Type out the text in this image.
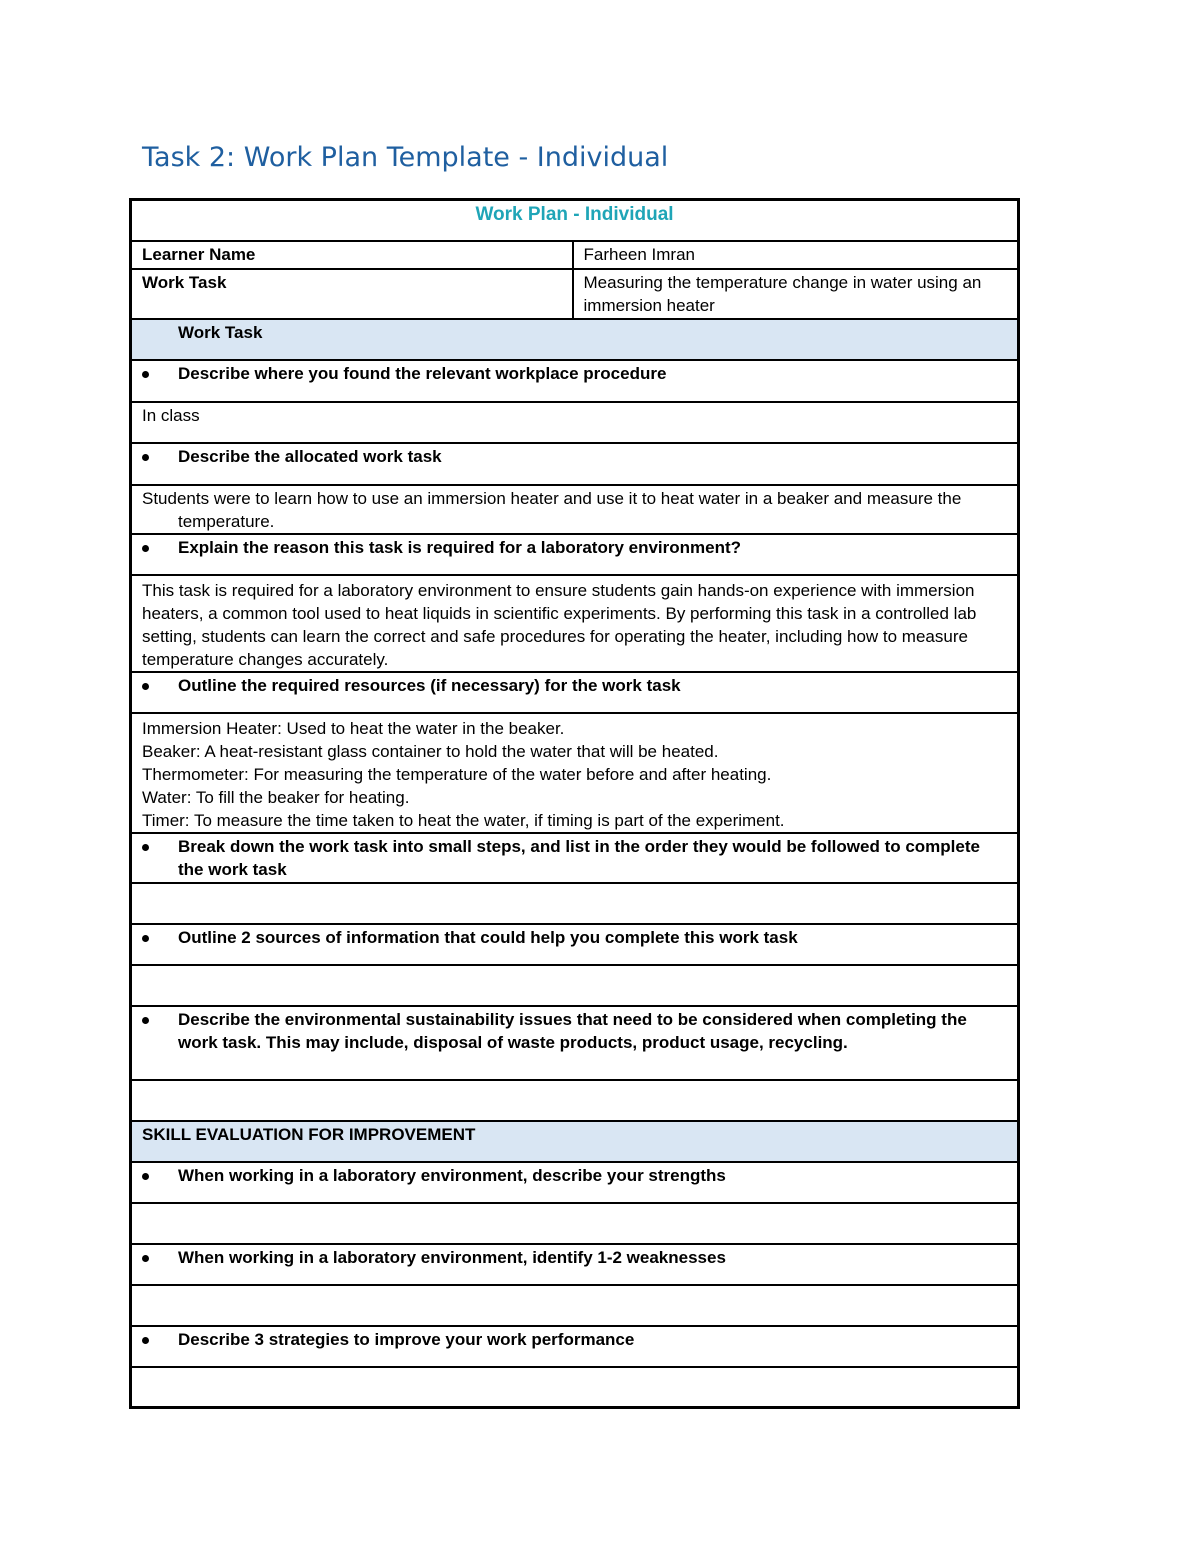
Task 2: Work Plan Template - Individual
Work Plan - Individual	
Learner Name	Farheen Imran
Work Task	Measuring the temperature change in water using an immersion heater
Work Task	

Describe where you found the relevant workplace procedure	

In class	

Describe the allocated work task	

Students were to learn how to use an immersion heater and use it to heat water in a beaker and measure the temperature.	

Explain the reason this task is required for a laboratory environment?	

This task is required for a laboratory environment to ensure students gain hands-on experience with immersion heaters, a common tool used to heat liquids in scientific experiments. By performing this task in a controlled lab setting, students can learn the correct and safe procedures for operating the heater, including how to measure temperature changes accurately.	

Outline the required resources (if necessary) for the work task	

Immersion Heater: Used to heat the water in the beaker.
Beaker: A heat-resistant glass container to hold the water that will be heated.
Thermometer: For measuring the temperature of the water before and after heating.
Water: To fill the beaker for heating.
Timer: To measure the time taken to heat the water, if timing is part of the experiment.	

Break down the work task into small steps, and list in the order they would be followed to complete the work task	

Outline 2 sources of information that could help you complete this work task	

Describe the environmental sustainability issues that need to be considered when completing the work task. This may include, disposal of waste products, product usage, recycling.	

SKILL EVALUATION FOR IMPROVEMENT	

When working in a laboratory environment, describe your strengths	

When working in a laboratory environment, identify 1-2 weaknesses	

Describe 3 strategies to improve your work performance	
